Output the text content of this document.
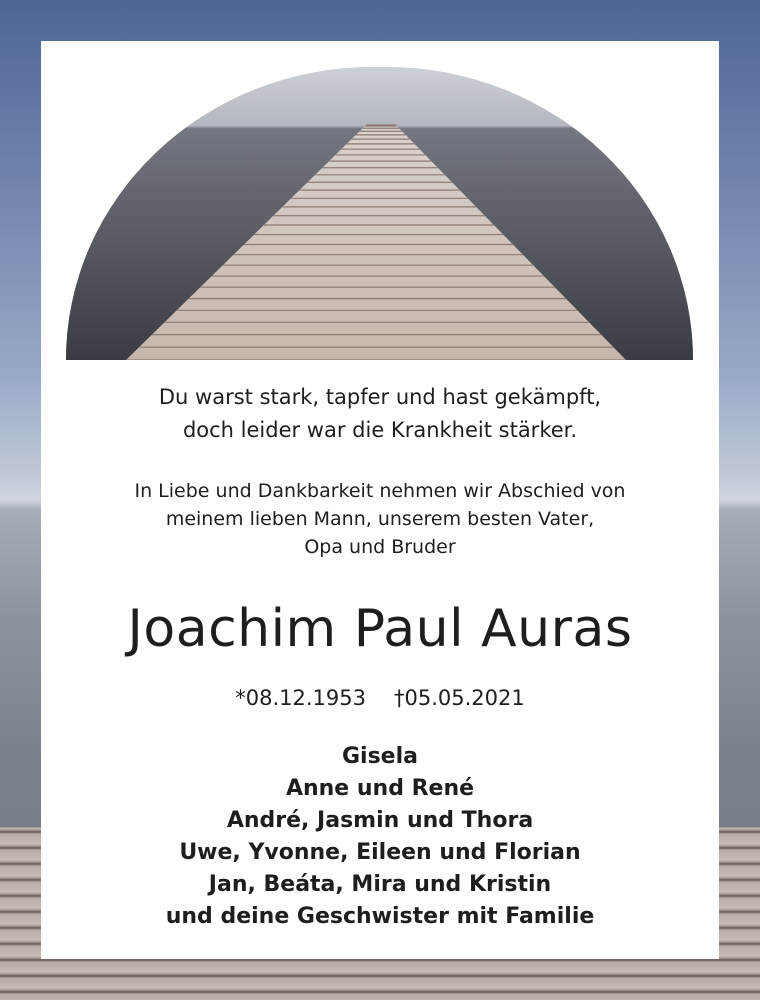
Du warst stark, tapfer und hast gekämpft,
doch leider war die Krankheit stärker.
In Liebe und Dankbarkeit nehmen wir Abschied von
meinem lieben Mann, unserem besten Vater,
Opa und Bruder
Joachim Paul Auras
*08.12.1953 †05.05.2021
Gisela
Anne und René
André, Jasmin und Thora
Uwe, Yvonne, Eileen und Florian
Jan, Beáta, Mira und Kristin
und deine Geschwister mit Familie
